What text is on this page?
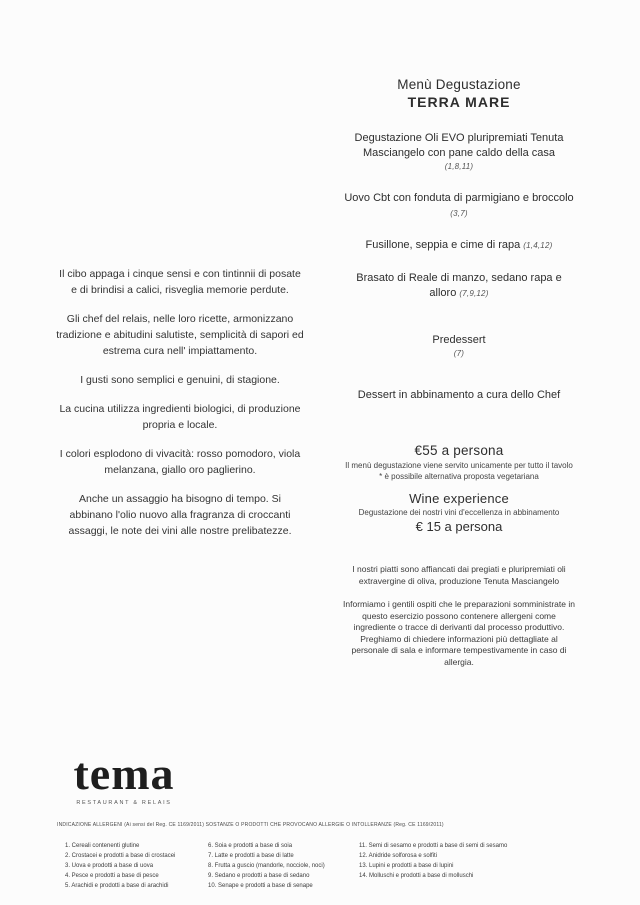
Il cibo appaga i cinque sensi e con tintinnii di posate e di brindisi a calici, risveglia memorie perdute.

Gli chef del relais, nelle loro ricette, armonizzano tradizione e abitudini salutiste, semplicità di sapori ed estrema cura nell' impiattamento.

I gusti sono semplici e genuini, di stagione.

La cucina utilizza ingredienti biologici, di produzione propria e locale.

I colori esplodono di vivacità: rosso pomodoro, viola melanzana, giallo oro paglierino.

Anche un assaggio ha bisogno di tempo. Si abbinano l'olio nuovo alla fragranza di croccanti assaggi, le note dei vini alle nostre prelibatezze.

Menù Degustazione

TERRA MARE

Degustazione Oli EVO pluripremiati Tenuta Masciangelo con pane caldo della casa
(1,8,11)
Uovo Cbt con fonduta di parmigiano e broccolo (3,7)
Fusillone, seppia e cime di rapa (1,4,12)
Brasato di Reale di manzo, sedano rapa e alloro (7,9,12)
Predessert
(7)
Dessert in abbinamento a cura dello Chef
€55 a persona
Il menù degustazione viene servito unicamente per tutto il tavolo
* è possibile alternativa proposta vegetariana
Wine experience
Degustazione dei nostri vini d'eccellenza in abbinamento
€ 15 a persona
I nostri piatti sono affiancati dai pregiati e pluripremiati oli extravergine di oliva, produzione Tenuta Masciangelo
Informiamo i gentili ospiti che le preparazioni somministrate in questo esercizio possono contenere allergeni come ingrediente o tracce di derivanti dal processo produttivo. Preghiamo di chiedere informazioni più dettagliate al personale di sala e informare tempestivamente in caso di allergia.
tema
RESTAURANT & RELAIS
INDICAZIONE ALLERGENI (Ai sensi del Reg. CE 1169/2011) SOSTANZE O PRODOTTI CHE PROVOCANO ALLERGIE O INTOLLERANZE (Reg. CE 1169/2011)
1. Cereali contenenti glutine
2. Crostacei e prodotti a base di crostacei
3. Uova e prodotti a base di uova
4. Pesce e prodotti a base di pesce
5. Arachidi e prodotti a base di arachidi
6. Soia e prodotti a base di soia
7. Latte e prodotti a base di latte
8. Frutta a guscio (mandorle, nocciole, noci)
9. Sedano e prodotti a base di sedano
10. Senape e prodotti a base di senape
11. Semi di sesamo e prodotti a base di semi di sesamo
12. Anidride solforosa e solfiti
13. Lupini e prodotti a base di lupini
14. Molluschi e prodotti a base di molluschi
